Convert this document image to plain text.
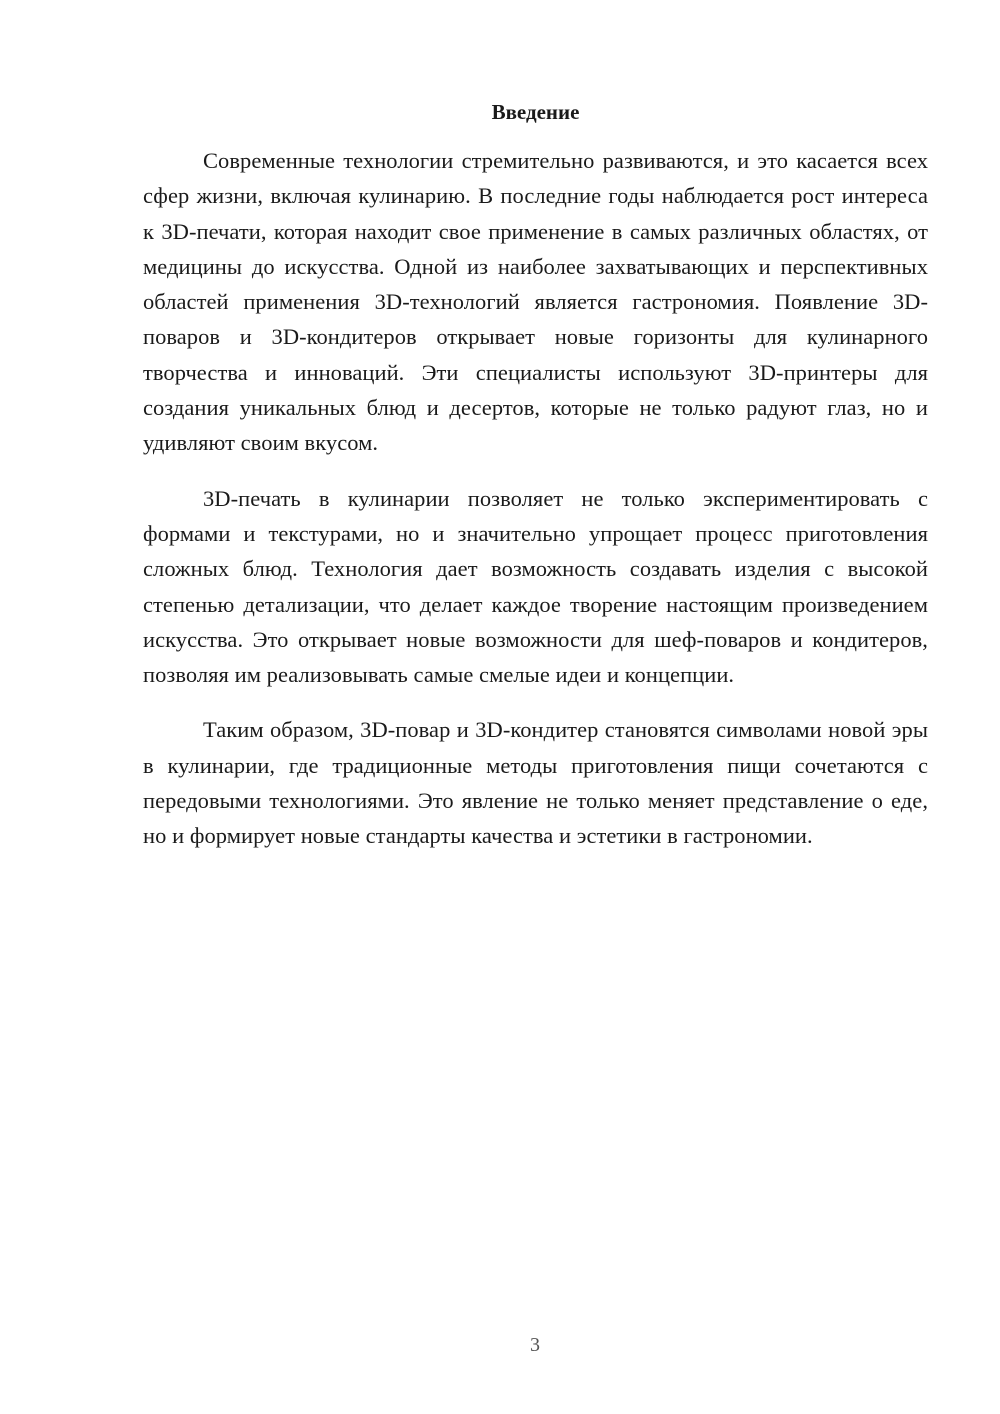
Введение

Современные технологии стремительно развиваются, и это касается всех сфер жизни, включая кулинарию. В последние годы наблюдается рост интереса к 3D-печати, которая находит свое применение в самых различных областях, от медицины до искусства. Одной из наиболее захватывающих и перспективных областей применения 3D-технологий является гастрономия. Появление 3D-поваров и 3D-кондитеров открывает новые горизонты для кулинарного творчества и инноваций. Эти специалисты используют 3D-принтеры для создания уникальных блюд и десертов, которые не только радуют глаз, но и удивляют своим вкусом.

3D-печать в кулинарии позволяет не только экспериментировать с формами и текстурами, но и значительно упрощает процесс приготовления сложных блюд. Технология дает возможность создавать изделия с высокой степенью детализации, что делает каждое творение настоящим произведением искусства. Это открывает новые возможности для шеф-поваров и кондитеров, позволяя им реализовывать самые смелые идеи и концепции.

Таким образом, 3D-повар и 3D-кондитер становятся символами новой эры в кулинарии, где традиционные методы приготовления пищи сочетаются с передовыми технологиями. Это явление не только меняет представление о еде, но и формирует новые стандарты качества и эстетики в гастрономии.

3
